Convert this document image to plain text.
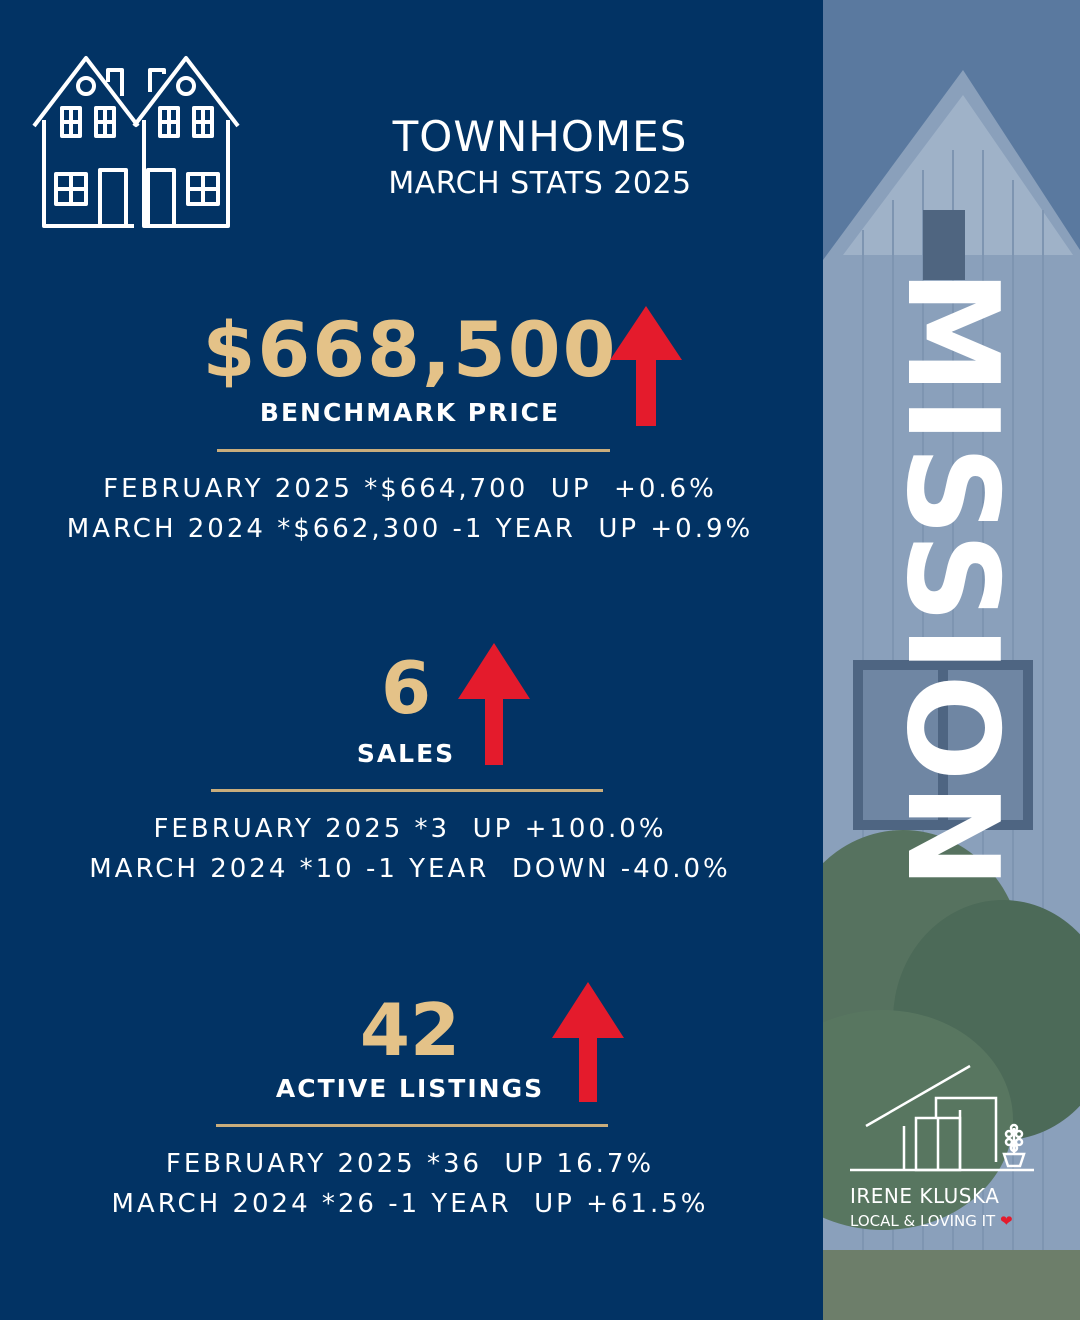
MISSION
TOWNHOMES
MARCH STATS 2025
$668,500
BENCHMARK PRICE
FEBRUARY 2025 *$664,700  UP  +0.6%
MARCH 2024 *$662,300 -1 YEAR  UP +0.9%
6
SALES
FEBRUARY 2025 *3  UP +100.0%
MARCH 2024 *10 -1 YEAR  DOWN -40.0%
42
ACTIVE LISTINGS
FEBRUARY 2025 *36  UP 16.7%
MARCH 2024 *26 -1 YEAR  UP +61.5%	IRENE KLUSKA
LOCAL & LOVING IT ❤
